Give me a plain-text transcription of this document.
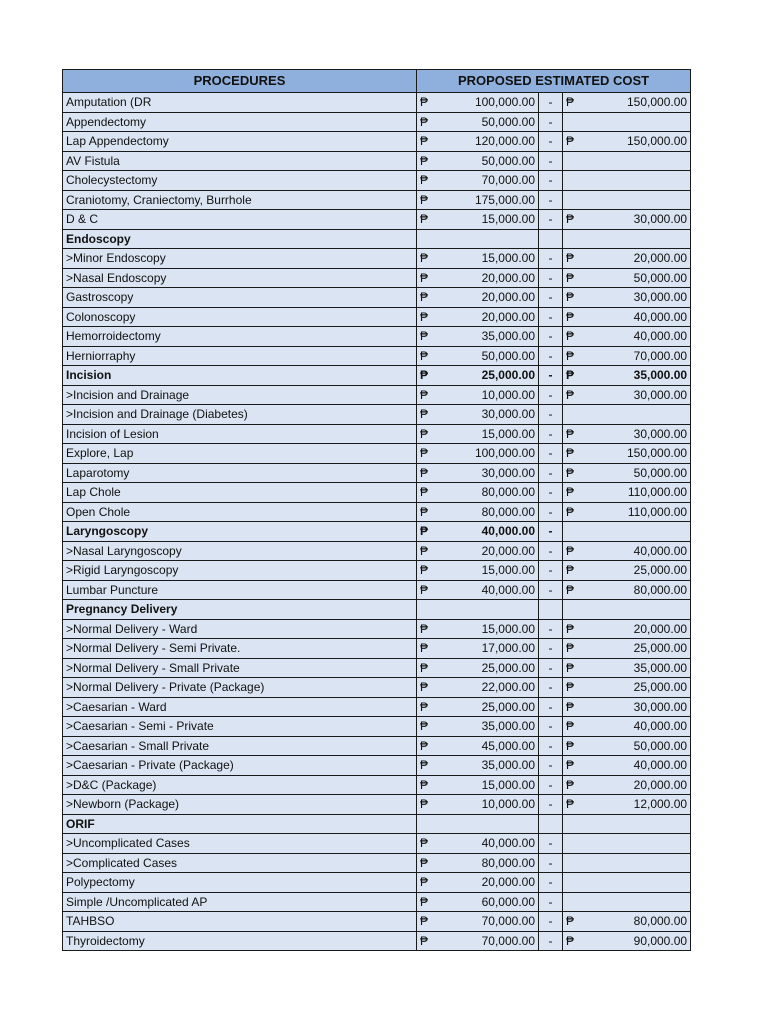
PROCEDURES	PROPOSED ESTIMATED COST				
Amputation (DR	₱	100,000.00	-	₱	150,000.00
Appendectomy	₱	50,000.00	-		
Lap Appendectomy	₱	120,000.00	-	₱	150,000.00
AV Fistula	₱	50,000.00	-		
Cholecystectomy	₱	70,000.00	-		
Craniotomy, Craniectomy, Burrhole	₱	175,000.00	-		
D & C	₱	15,000.00	-	₱	30,000.00
Endoscopy					
>Minor Endoscopy	₱	15,000.00	-	₱	20,000.00
>Nasal Endoscopy	₱	20,000.00	-	₱	50,000.00
Gastroscopy	₱	20,000.00	-	₱	30,000.00
Colonoscopy	₱	20,000.00	-	₱	40,000.00
Hemorroidectomy	₱	35,000.00	-	₱	40,000.00
Herniorraphy	₱	50,000.00	-	₱	70,000.00
Incision	₱	25,000.00	-	₱	35,000.00
>Incision and Drainage	₱	10,000.00	-	₱	30,000.00
>Incision and Drainage (Diabetes)	₱	30,000.00	-		
Incision of Lesion	₱	15,000.00	-	₱	30,000.00
Explore, Lap	₱	100,000.00	-	₱	150,000.00
Laparotomy	₱	30,000.00	-	₱	50,000.00
Lap Chole	₱	80,000.00	-	₱	110,000.00
Open Chole	₱	80,000.00	-	₱	110,000.00
Laryngoscopy	₱	40,000.00	-		
>Nasal Laryngoscopy	₱	20,000.00	-	₱	40,000.00
>Rigid Laryngoscopy	₱	15,000.00	-	₱	25,000.00
Lumbar Puncture	₱	40,000.00	-	₱	80,000.00
Pregnancy Delivery					
>Normal Delivery - Ward	₱	15,000.00	-	₱	20,000.00
>Normal Delivery - Semi Private.	₱	17,000.00	-	₱	25,000.00
>Normal Delivery - Small Private	₱	25,000.00	-	₱	35,000.00
>Normal Delivery - Private (Package)	₱	22,000.00	-	₱	25,000.00
>Caesarian - Ward	₱	25,000.00	-	₱	30,000.00
>Caesarian - Semi - Private	₱	35,000.00	-	₱	40,000.00
>Caesarian - Small Private	₱	45,000.00	-	₱	50,000.00
>Caesarian - Private (Package)	₱	35,000.00	-	₱	40,000.00
>D&C (Package)	₱	15,000.00	-	₱	20,000.00
>Newborn (Package)	₱	10,000.00	-	₱	12,000.00
ORIF					
>Uncomplicated Cases	₱	40,000.00	-		
>Complicated Cases	₱	80,000.00	-		
Polypectomy	₱	20,000.00	-		
Simple /Uncomplicated AP	₱	60,000.00	-		
TAHBSO	₱	70,000.00	-	₱	80,000.00
Thyroidectomy	₱	70,000.00	-	₱	90,000.00
